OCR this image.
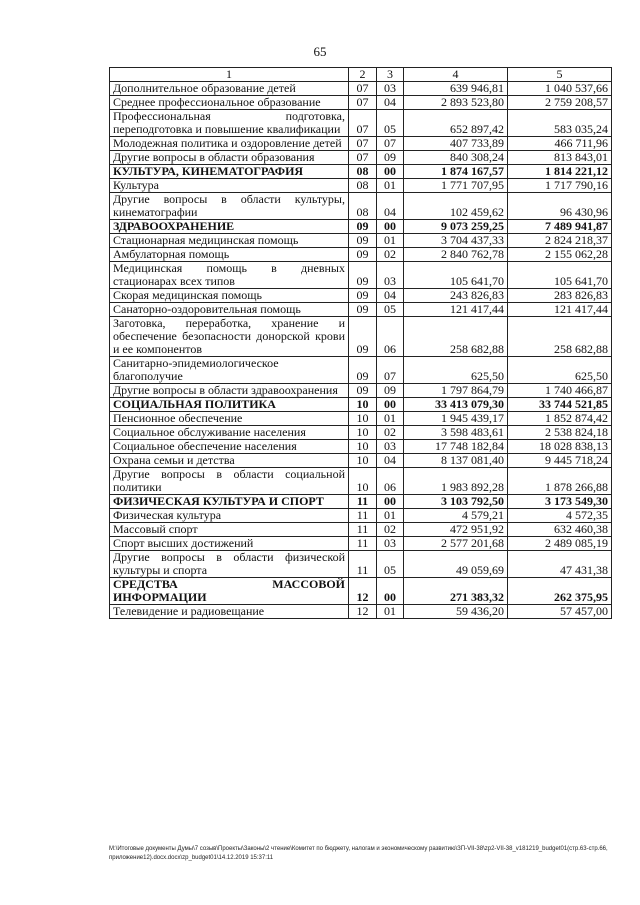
65
1	2	3	4	5
Дополнительное образование детей	07	03	639 946,81	1 040 537,66
Среднее профессиональное образование	07	04	2 893 523,80	2 759 208,57
Профессиональная подготовка, переподготовка и повышение квалификации	07	05	652 897,42	583 035,24
Молодежная политика и оздоровление детей	07	07	407 733,89	466 711,96
Другие вопросы в области образования	07	09	840 308,24	813 843,01
КУЛЬТУРА, КИНЕМАТОГРАФИЯ	08	00	1 874 167,57	1 814 221,12
Культура	08	01	1 771 707,95	1 717 790,16
Другие вопросы в области культуры, кинематографии	08	04	102 459,62	96 430,96
ЗДРАВООХРАНЕНИЕ	09	00	9 073 259,25	7 489 941,87
Стационарная медицинская помощь	09	01	3 704 437,33	2 824 218,37
Амбулаторная помощь	09	02	2 840 762,78	2 155 062,28
Медицинская помощь в дневных стационарах всех типов	09	03	105 641,70	105 641,70
Скорая медицинская помощь	09	04	243 826,83	283 826,83
Санаторно-оздоровительная помощь	09	05	121 417,44	121 417,44
Заготовка, переработка, хранение и обеспечение безопасности донорской крови и ее компонентов	09	06	258 682,88	258 682,88
Санитарно-эпидемиологическое благополучие	09	07	625,50	625,50
Другие вопросы в области здравоохранения	09	09	1 797 864,79	1 740 466,87
СОЦИАЛЬНАЯ ПОЛИТИКА	10	00	33 413 079,30	33 744 521,85
Пенсионное обеспечение	10	01	1 945 439,17	1 852 874,42
Социальное обслуживание населения	10	02	3 598 483,61	2 538 824,18
Социальное обеспечение населения	10	03	17 748 182,84	18 028 838,13
Охрана семьи и детства	10	04	8 137 081,40	9 445 718,24
Другие вопросы в области социальной политики	10	06	1 983 892,28	1 878 266,88
ФИЗИЧЕСКАЯ КУЛЬТУРА И СПОРТ	11	00	3 103 792,50	3 173 549,30
Физическая культура	11	01	4 579,21	4 572,35
Массовый спорт	11	02	472 951,92	632 460,38
Спорт высших достижений	11	03	2 577 201,68	2 489 085,19
Другие вопросы в области физической культуры и спорта	11	05	49 059,69	47 431,38
СРЕДСТВА МАССОВОЙ ИНФОРМАЦИИ	12	00	271 383,32	262 375,95
Телевидение и радиовещание	12	01	59 436,20	57 457,00
M:\Итоговые документы Думы\7 созыв\Проекты\Законы\2 чтение\Комитет по бюджету, налогам и экономическому развитию\ЗП-VII-38\zp2-VII-38_v181219_budget01(стр.63-стр.66, приложение12).docx.docx\zp_budget01\14.12.2019 15:37:11
